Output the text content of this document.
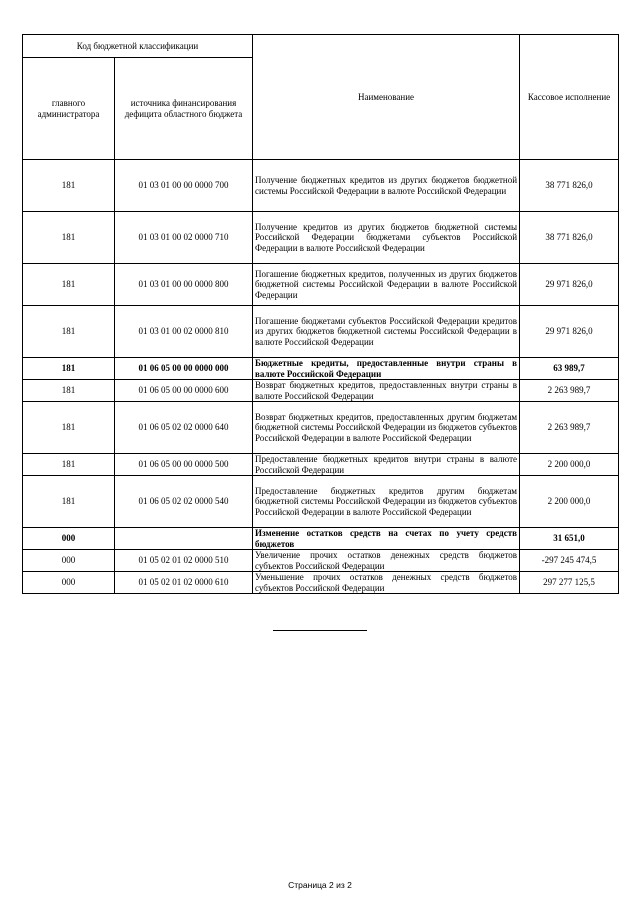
Код бюджетной классификации		Наименование	Кассовое исполнение
главного администратора	источника финансирования дефицита областного бюджета		
181	01 03 01 00 00 0000 700	Получение бюджетных кредитов из других бюджетов бюджетной системы Российской Федерации в валюте Российской Федерации	38 771 826,0
181	01 03 01 00 02 0000 710	Получение кредитов из других бюджетов бюджетной системы Российской Федерации бюджетами субъектов Российской Федерации в валюте Российской Федерации	38 771 826,0
181	01 03 01 00 00 0000 800	Погашение бюджетных кредитов, полученных из других бюджетов бюджетной системы Российской Федерации в валюте Российской Федерации	29 971 826,0
181	01 03 01 00 02 0000 810	Погашение бюджетами субъектов Российской Федерации кредитов из других бюджетов бюджетной системы Российской Федерации в валюте Российской Федерации	29 971 826,0
181	01 06 05 00 00 0000 000	Бюджетные кредиты, предоставленные внутри страны в валюте Российской Федерации	63 989,7
181	01 06 05 00 00 0000 600	Возврат бюджетных кредитов, предоставленных внутри страны в валюте Российской Федерации	2 263 989,7
181	01 06 05 02 02 0000 640	Возврат бюджетных кредитов, предоставленных другим бюджетам бюджетной системы Российской Федерации из бюджетов субъектов Российской Федерации в валюте Российской Федерации	2 263 989,7
181	01 06 05 00 00 0000 500	Предоставление бюджетных кредитов внутри страны в валюте Российской Федерации	2 200 000,0
181	01 06 05 02 02 0000 540	Предоставление бюджетных кредитов другим бюджетам бюджетной системы Российской Федерации из бюджетов субъектов Российской Федерации в валюте Российской Федерации	2 200 000,0
000		Изменение остатков средств на счетах по учету средств бюджетов	31 651,0
000	01 05 02 01 02 0000 510	Увеличение прочих остатков денежных средств бюджетов субъектов Российской Федерации	-297 245 474,5
000	01 05 02 01 02 0000 610	Уменьшение прочих остатков денежных средств бюджетов субъектов Российской Федерации	297 277 125,5
Страница 2 из 2
